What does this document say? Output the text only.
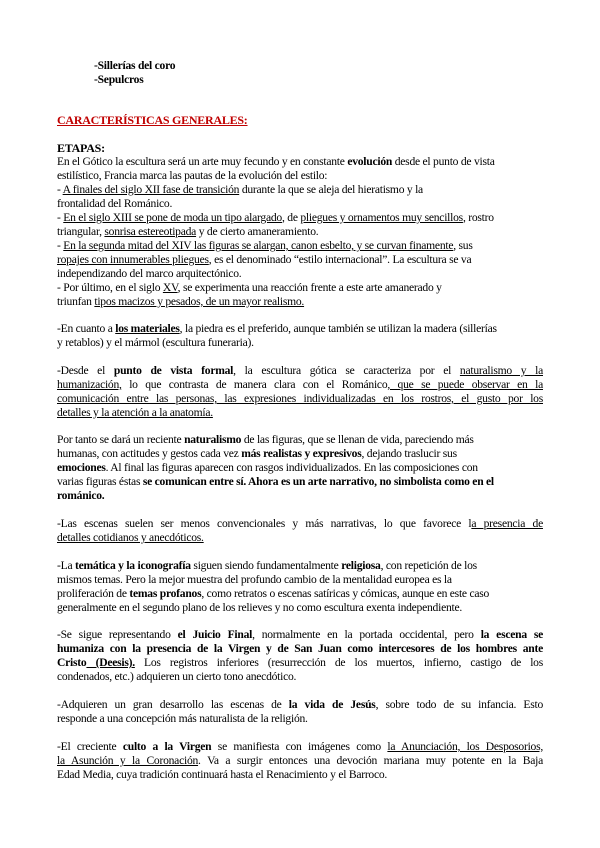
-Sillerías del coro
-Sepulcros
CARACTERÍSTICAS GENERALES:
ETAPAS:
En el Gótico la escultura será un arte muy fecundo y en constante evolución desde el punto de vista
estilístico, Francia marca las pautas de la evolución del estilo:
- A finales del siglo XII fase de transición durante la que se aleja del hieratismo y la
frontalidad del Románico.
- En el siglo XIII se pone de moda un tipo alargado, de pliegues y ornamentos muy sencillos, rostro
triangular, sonrisa estereotipada y de cierto amaneramiento.
- En la segunda mitad del XIV las figuras se alargan, canon esbelto, y se curvan finamente, sus
ropajes con innumerables pliegues, es el denominado “estilo internacional”. La escultura se va
independizando del marco arquitectónico.
- Por último, en el siglo XV, se experimenta una reacción frente a este arte amanerado y
triunfan tipos macizos y pesados, de un mayor realismo.
-En cuanto a los materiales, la piedra es el preferido, aunque también se utilizan la madera (sillerías
y retablos) y el mármol (escultura funeraria).
-Desde el punto de vista formal, la escultura gótica se caracteriza por el naturalismo y la
humanización, lo que contrasta de manera clara con el Románico, que se puede observar en la
comunicación entre las personas, las expresiones individualizadas en los rostros, el gusto por los
detalles y la atención a la anatomía.
Por tanto se dará un reciente naturalismo de las figuras, que se llenan de vida, pareciendo más
humanas, con actitudes y gestos cada vez más realistas y expresivos, dejando traslucir sus
emociones. Al final las figuras aparecen con rasgos individualizados. En las composiciones con
varias figuras éstas se comunican entre sí. Ahora es un arte narrativo, no simbolista como en el
románico.
-Las escenas suelen ser menos convencionales y más narrativas, lo que favorece la presencia de
detalles cotidianos y anecdóticos.
-La temática y la iconografía siguen siendo fundamentalmente religiosa, con repetición de los
mismos temas. Pero la mejor muestra del profundo cambio de la mentalidad europea es la
proliferación de temas profanos, como retratos o escenas satíricas y cómicas, aunque en este caso
generalmente en el segundo plano de los relieves y no como escultura exenta independiente.
-Se sigue representando el Juicio Final, normalmente en la portada occidental, pero la escena se
humaniza con la presencia de la Virgen y de San Juan como intercesores de los hombres ante
Cristo (Deesis). Los registros inferiores (resurrección de los muertos, infierno, castigo de los
condenados, etc.) adquieren un cierto tono anecdótico.
-Adquieren un gran desarrollo las escenas de la vida de Jesús, sobre todo de su infancia. Esto
responde a una concepción más naturalista de la religión.
-El creciente culto a la Virgen se manifiesta con imágenes como la Anunciación, los Desposorios,
la Asunción y la Coronación. Va a surgir entonces una devoción mariana muy potente en la Baja
Edad Media, cuya tradición continuará hasta el Renacimiento y el Barroco.
